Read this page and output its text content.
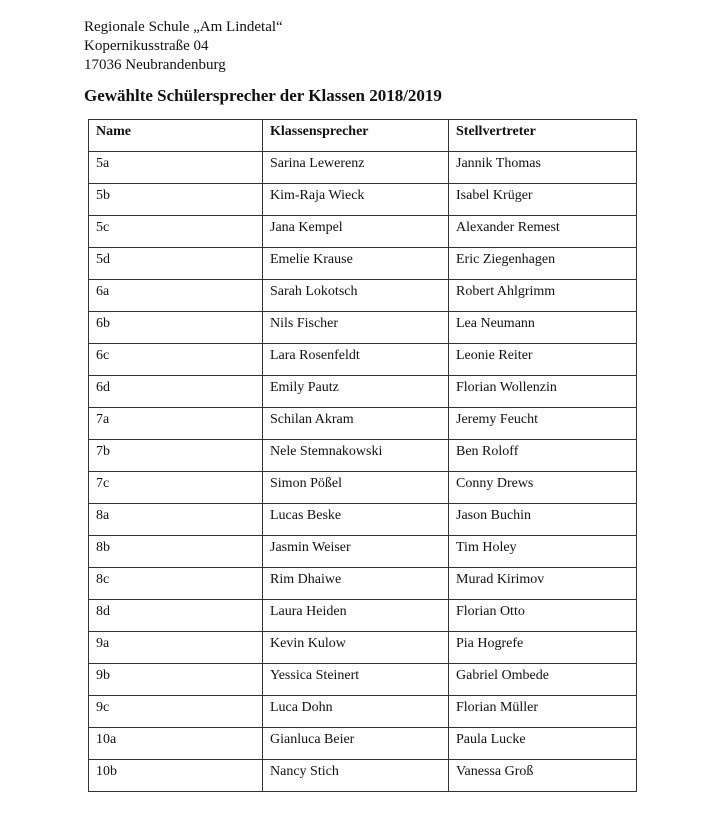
Regionale Schule „Am Lindetal“
Kopernikusstraße 04
17036 Neubrandenburg
Gewählte Schülersprecher der Klassen 2018/2019
Name	Klassensprecher	Stellvertreter
5a	Sarina Lewerenz	Jannik Thomas
5b	Kim-Raja Wieck	Isabel Krüger
5c	Jana Kempel	Alexander Remest
5d	Emelie Krause	Eric Ziegenhagen
6a	Sarah Lokotsch	Robert Ahlgrimm
6b	Nils Fischer	Lea Neumann
6c	Lara Rosenfeldt	Leonie Reiter
6d	Emily Pautz	Florian Wollenzin
7a	Schilan Akram	Jeremy Feucht
7b	Nele Stemnakowski	Ben Roloff
7c	Simon Pößel	Conny Drews
8a	Lucas Beske	Jason Buchin
8b	Jasmin Weiser	Tim Holey
8c	Rim Dhaiwe	Murad Kirimov
8d	Laura Heiden	Florian Otto
9a	Kevin Kulow	Pia Hogrefe
9b	Yessica Steinert	Gabriel Ombede
9c	Luca Dohn	Florian Müller
10a	Gianluca Beier	Paula Lucke
10b	Nancy Stich	Vanessa Groß
